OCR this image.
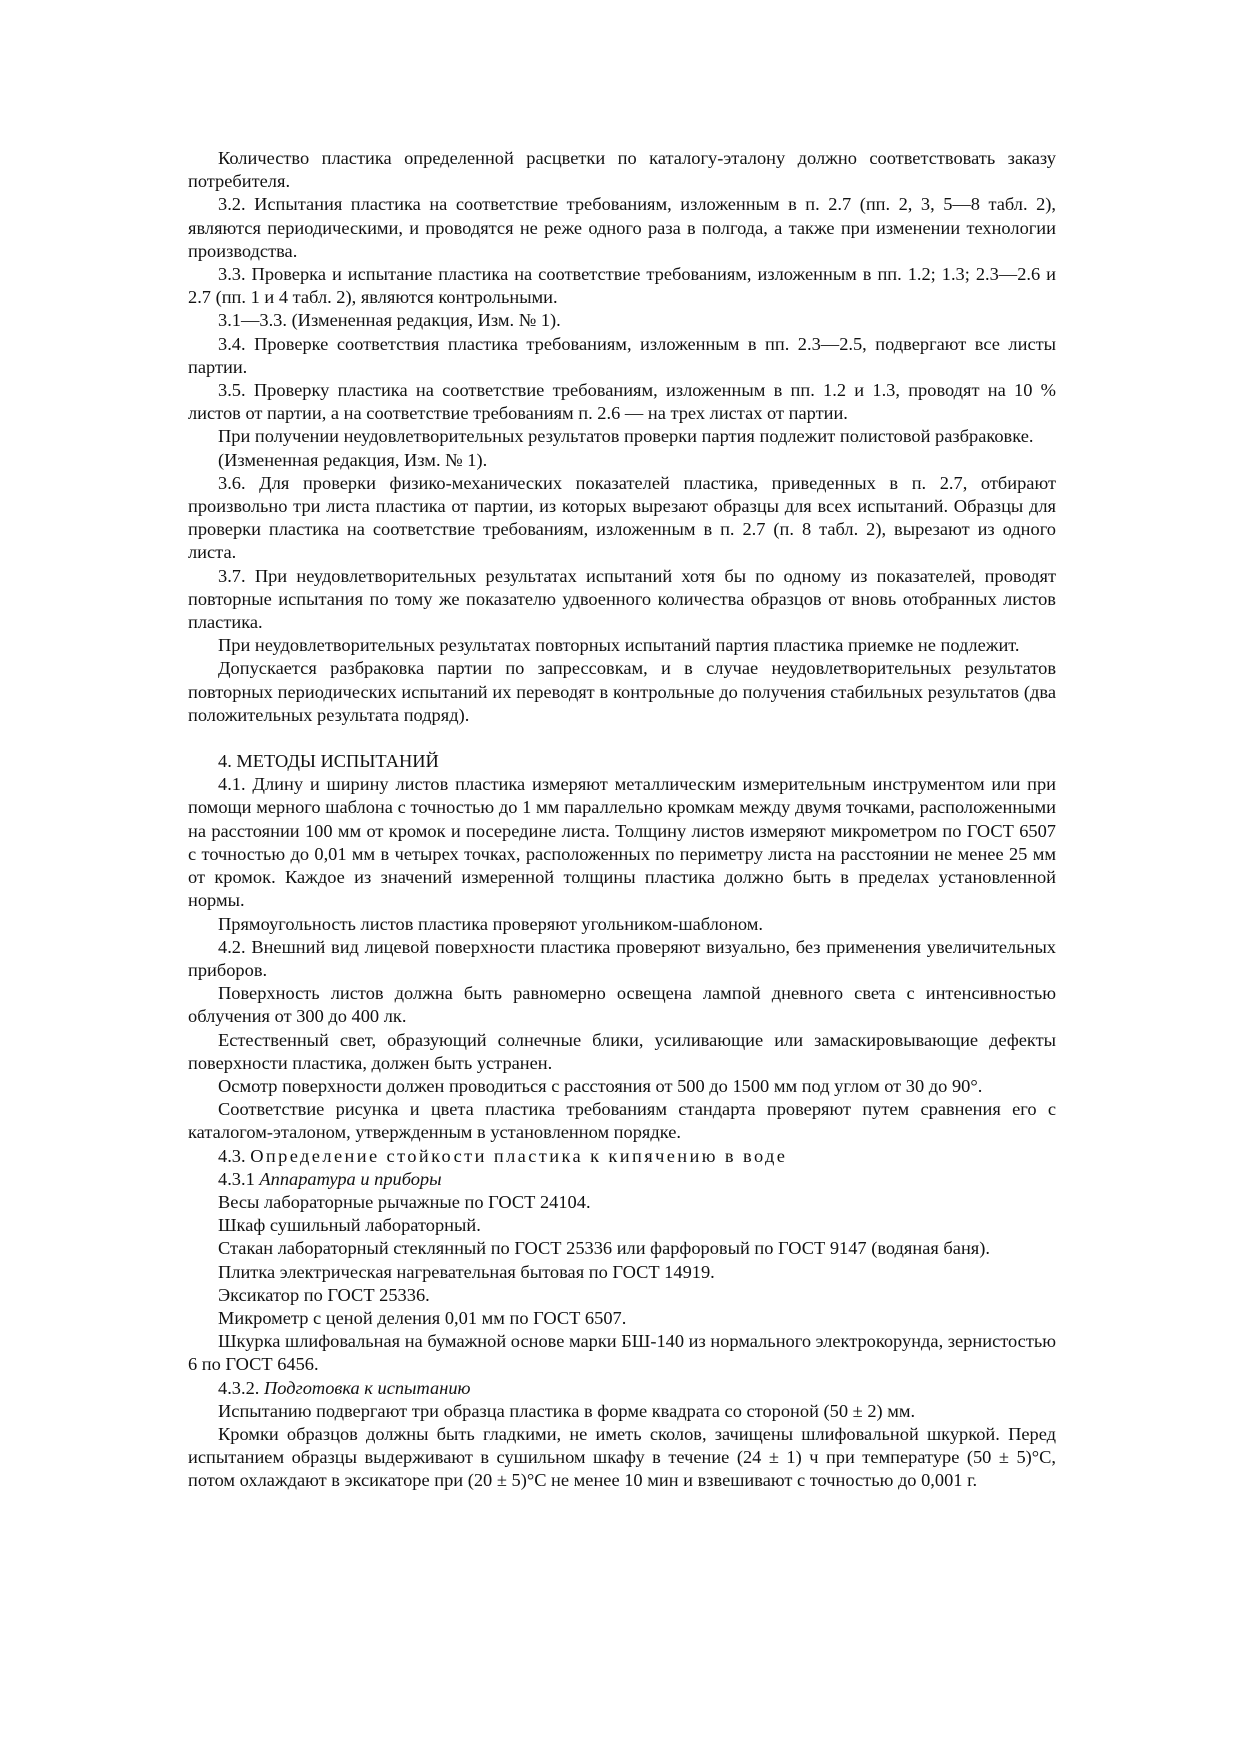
Количество пластика определенной расцветки по каталогу-эталону должно соответствовать заказу потребителя.

3.2. Испытания пластика на соответствие требованиям, изложенным в п. 2.7 (пп. 2, 3, 5—8 табл. 2), являются периодическими, и проводятся не реже одного раза в полгода, а также при изменении технологии производства.

3.3. Проверка и испытание пластика на соответствие требованиям, изложенным в пп. 1.2; 1.3; 2.3—2.6 и 2.7 (пп. 1 и 4 табл. 2), являются контрольными.

3.1—3.3. (Измененная редакция, Изм. № 1).

3.4. Проверке соответствия пластика требованиям, изложенным в пп. 2.3—2.5, подвергают все листы партии.

3.5. Проверку пластика на соответствие требованиям, изложенным в пп. 1.2 и 1.3, проводят на 10 % листов от партии, а на соответствие требованиям п. 2.6 — на трех листах от партии.

При получении неудовлетворительных результатов проверки партия подлежит полистовой разбраковке.

(Измененная редакция, Изм. № 1).

3.6. Для проверки физико-механических показателей пластика, приведенных в п. 2.7, отбирают произвольно три листа пластика от партии, из которых вырезают образцы для всех испытаний. Образцы для проверки пластика на соответствие требованиям, изложенным в п. 2.7 (п. 8 табл. 2), вырезают из одного листа.

3.7. При неудовлетворительных результатах испытаний хотя бы по одному из показателей, проводят повторные испытания по тому же показателю удвоенного количества образцов от вновь отобранных листов пластика.

При неудовлетворительных результатах повторных испытаний партия пластика приемке не подлежит.

Допускается разбраковка партии по запрессовкам, и в случае неудовлетворительных результатов повторных периодических испытаний их переводят в контрольные до получения стабильных результатов (два положительных результата подряд).

4. МЕТОДЫ ИСПЫТАНИЙ

4.1. Длину и ширину листов пластика измеряют металлическим измерительным инструментом или при помощи мерного шаблона с точностью до 1 мм параллельно кромкам между двумя точками, расположенными на расстоянии 100 мм от кромок и посередине листа. Толщину листов измеряют микрометром по ГОСТ 6507 с точностью до 0,01 мм в четырех точках, расположенных по периметру листа на расстоянии не менее 25 мм от кромок. Каждое из значений измеренной толщины пластика должно быть в пределах установленной нормы.

Прямоугольность листов пластика проверяют угольником-шаблоном.

4.2. Внешний вид лицевой поверхности пластика проверяют визуально, без применения увеличительных приборов.

Поверхность листов должна быть равномерно освещена лампой дневного света с интенсивностью облучения от 300 до 400 лк.

Естественный свет, образующий солнечные блики, усиливающие или замаскировывающие дефекты поверхности пластика, должен быть устранен.

Осмотр поверхности должен проводиться с расстояния от 500 до 1500 мм под углом от 30 до 90°.

Соответствие рисунка и цвета пластика требованиям стандарта проверяют путем сравнения его с каталогом-эталоном, утвержденным в установленном порядке.

4.3. Определение стойкости пластика к кипячению в воде

4.3.1 Аппаратура и приборы

Весы лабораторные рычажные по ГОСТ 24104.

Шкаф сушильный лабораторный.

Стакан лабораторный стеклянный по ГОСТ 25336 или фарфоровый по ГОСТ 9147 (водяная баня).

Плитка электрическая нагревательная бытовая по ГОСТ 14919.

Эксикатор по ГОСТ 25336.

Микрометр с ценой деления 0,01 мм по ГОСТ 6507.

Шкурка шлифовальная на бумажной основе марки БШ-140 из нормального электрокорунда, зернистостью 6 по ГОСТ 6456.

4.3.2. Подготовка к испытанию

Испытанию подвергают три образца пластика в форме квадрата со стороной (50 ± 2) мм.

Кромки образцов должны быть гладкими, не иметь сколов, зачищены шлифовальной шкуркой. Перед испытанием образцы выдерживают в сушильном шкафу в течение (24 ± 1) ч при температуре (50 ± 5)°С, потом охлаждают в эксикаторе при (20 ± 5)°С не менее 10 мин и взвешивают с точностью до 0,001 г.
